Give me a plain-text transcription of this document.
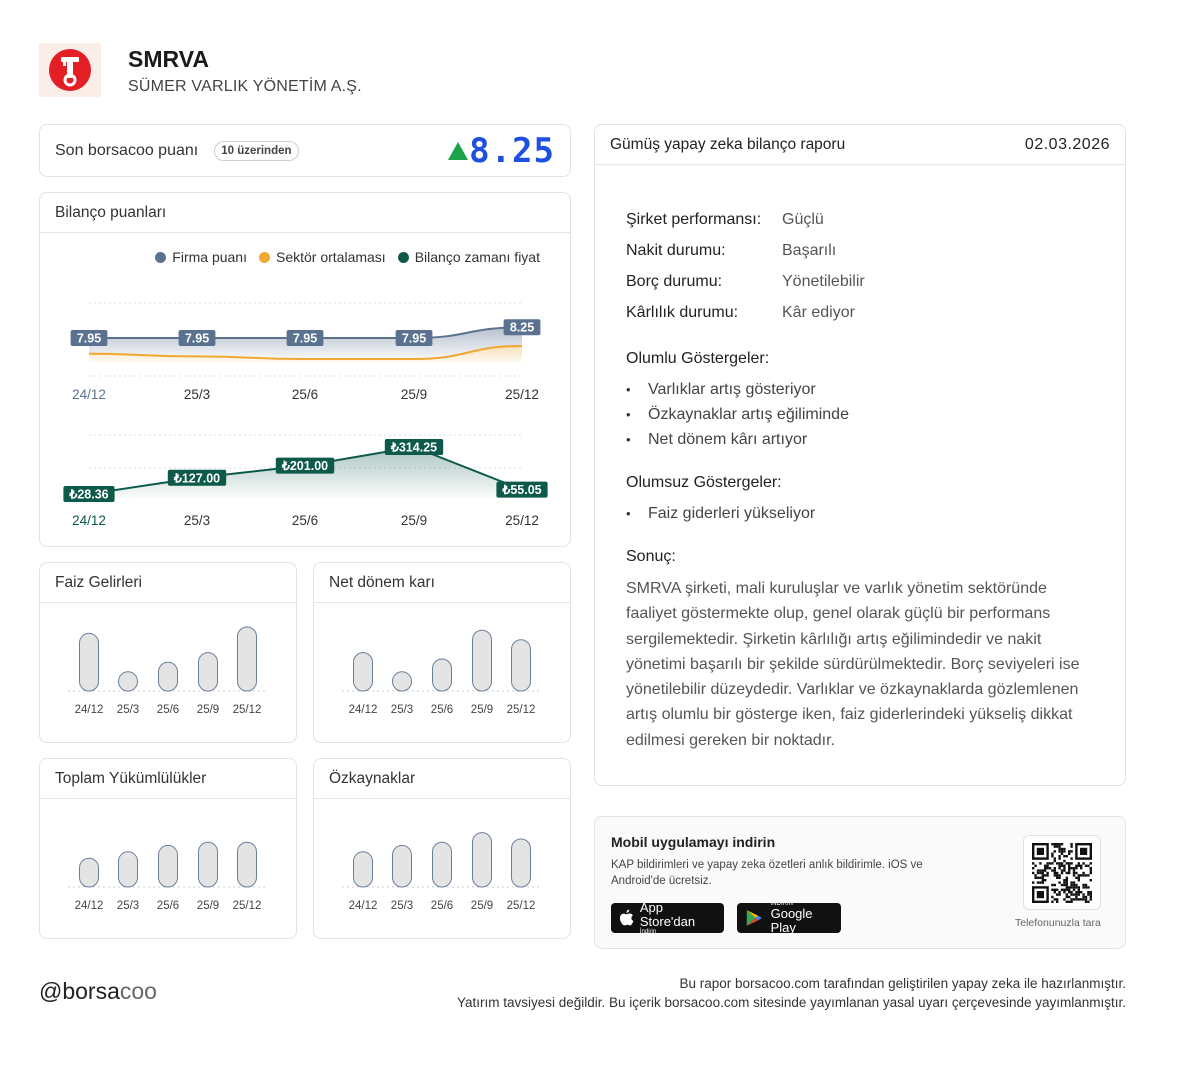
SMRVA
SÜMER VARLIK YÖNETİM A.Ş.
Son borsacoo puanı	10 üzerinden	8.25
Bilanço puanları
Firma puanı	Sektör ortalaması	Bilanço zamanı fiyat
7.95	7.95	7.95	7.95
8.25
24/12	25/3	25/6	25/9	25/12
₺28.36
₺127.00
₺201.00
₺314.25
₺55.05
24/12	25/3	25/6	25/9	25/12
Faiz Gelirleri
24/12 25/3 25/6 25/9 25/12
Net dönem karı
24/12 25/3 25/6 25/9 25/12
Toplam Yükümlülükler
24/12 25/3 25/6 25/9 25/12
Özkaynaklar
24/12 25/3 25/6 25/9 25/12
Gümüş yapay zeka bilanço raporu	02.03.2026
Şirket performansı:	Güçlü
Nakit durumu:	Başarılı
Borç durumu:	Yönetilebilir
Kârlılık durumu:	Kâr ediyor
Olumlu Göstergeler:
• Varlıklar artış gösteriyor
• Özkaynaklar artış eğiliminde
• Net dönem kârı artıyor
Olumsuz Göstergeler:
• Faiz giderleri yükseliyor
Sonuç:
SMRVA şirketi, mali kuruluşlar ve varlık yönetim sektöründe faaliyet göstermekte olup, genel olarak güçlü bir performans sergilemektedir. Şirketin kârlılığı artış eğilimindedir ve nakit yönetimi başarılı bir şekilde sürdürülmektedir. Borç seviyeleri ise yönetilebilir düzeydedir. Varlıklar ve özkaynaklarda gözlemlenen artış olumlu bir gösterge iken, faiz giderlerindeki yükseliş dikkat edilmesi gereken bir noktadır.
Mobil uygulamayı indirin
KAP bildirimleri ve yapay zeka özetleri anlık bildirimle. iOS ve Android'de ücretsiz.
App Store'dan
İndirin
İNDİRİN
Google Play	Telefonunuzla tara
@borsacoo	Bu rapor borsacoo.com tarafından geliştirilen yapay zeka ile hazırlanmıştır.
Yatırım tavsiyesi değildir. Bu içerik borsacoo.com sitesinde yayımlanan yasal uyarı çerçevesinde yayımlanmıştır.
